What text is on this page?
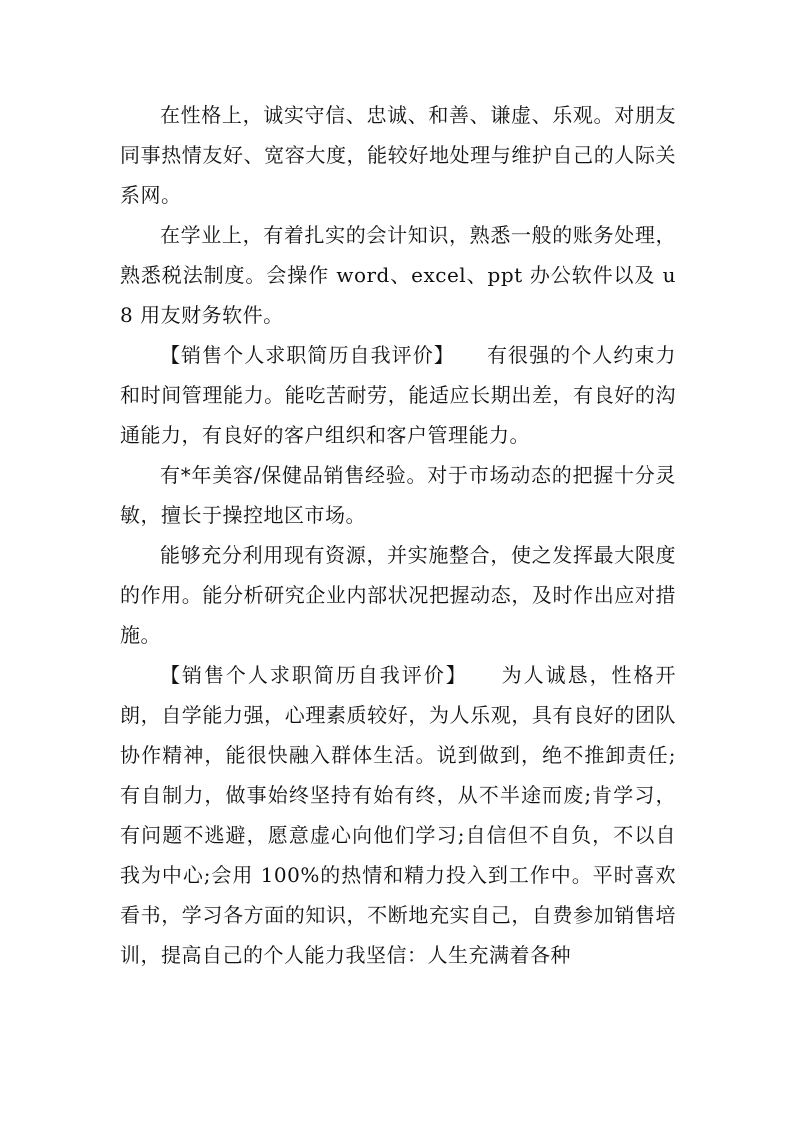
在性格上，诚实守信、忠诚、和善、谦虚、乐观。对朋友同事热情友好、宽容大度，能较好地处理与维护自己的人际关系网。

在学业上，有着扎实的会计知识，熟悉一般的账务处理，熟悉税法制度。会操作 word、excel、ppt 办公软件以及 u8 用友财务软件。

【销售个人求职简历自我评价】　　有很强的个人约束力和时间管理能力。能吃苦耐劳，能适应长期出差，有良好的沟通能力，有良好的客户组织和客户管理能力。

有*年美容/保健品销售经验。对于市场动态的把握十分灵敏，擅长于操控地区市场。

能够充分利用现有资源，并实施整合，使之发挥最大限度的作用。能分析研究企业内部状况把握动态，及时作出应对措施。

【销售个人求职简历自我评价】　　为人诚恳，性格开朗，自学能力强，心理素质较好，为人乐观，具有良好的团队协作精神，能很快融入群体生活。说到做到，绝不推卸责任;有自制力，做事始终坚持有始有终，从不半途而废;肯学习，有问题不逃避，愿意虚心向他们学习;自信但不自负，不以自我为中心;会用 100%的热情和精力投入到工作中。平时喜欢看书，学习各方面的知识，不断地充实自己，自费参加销售培训，提高自己的个人能力我坚信：人生充满着各种
